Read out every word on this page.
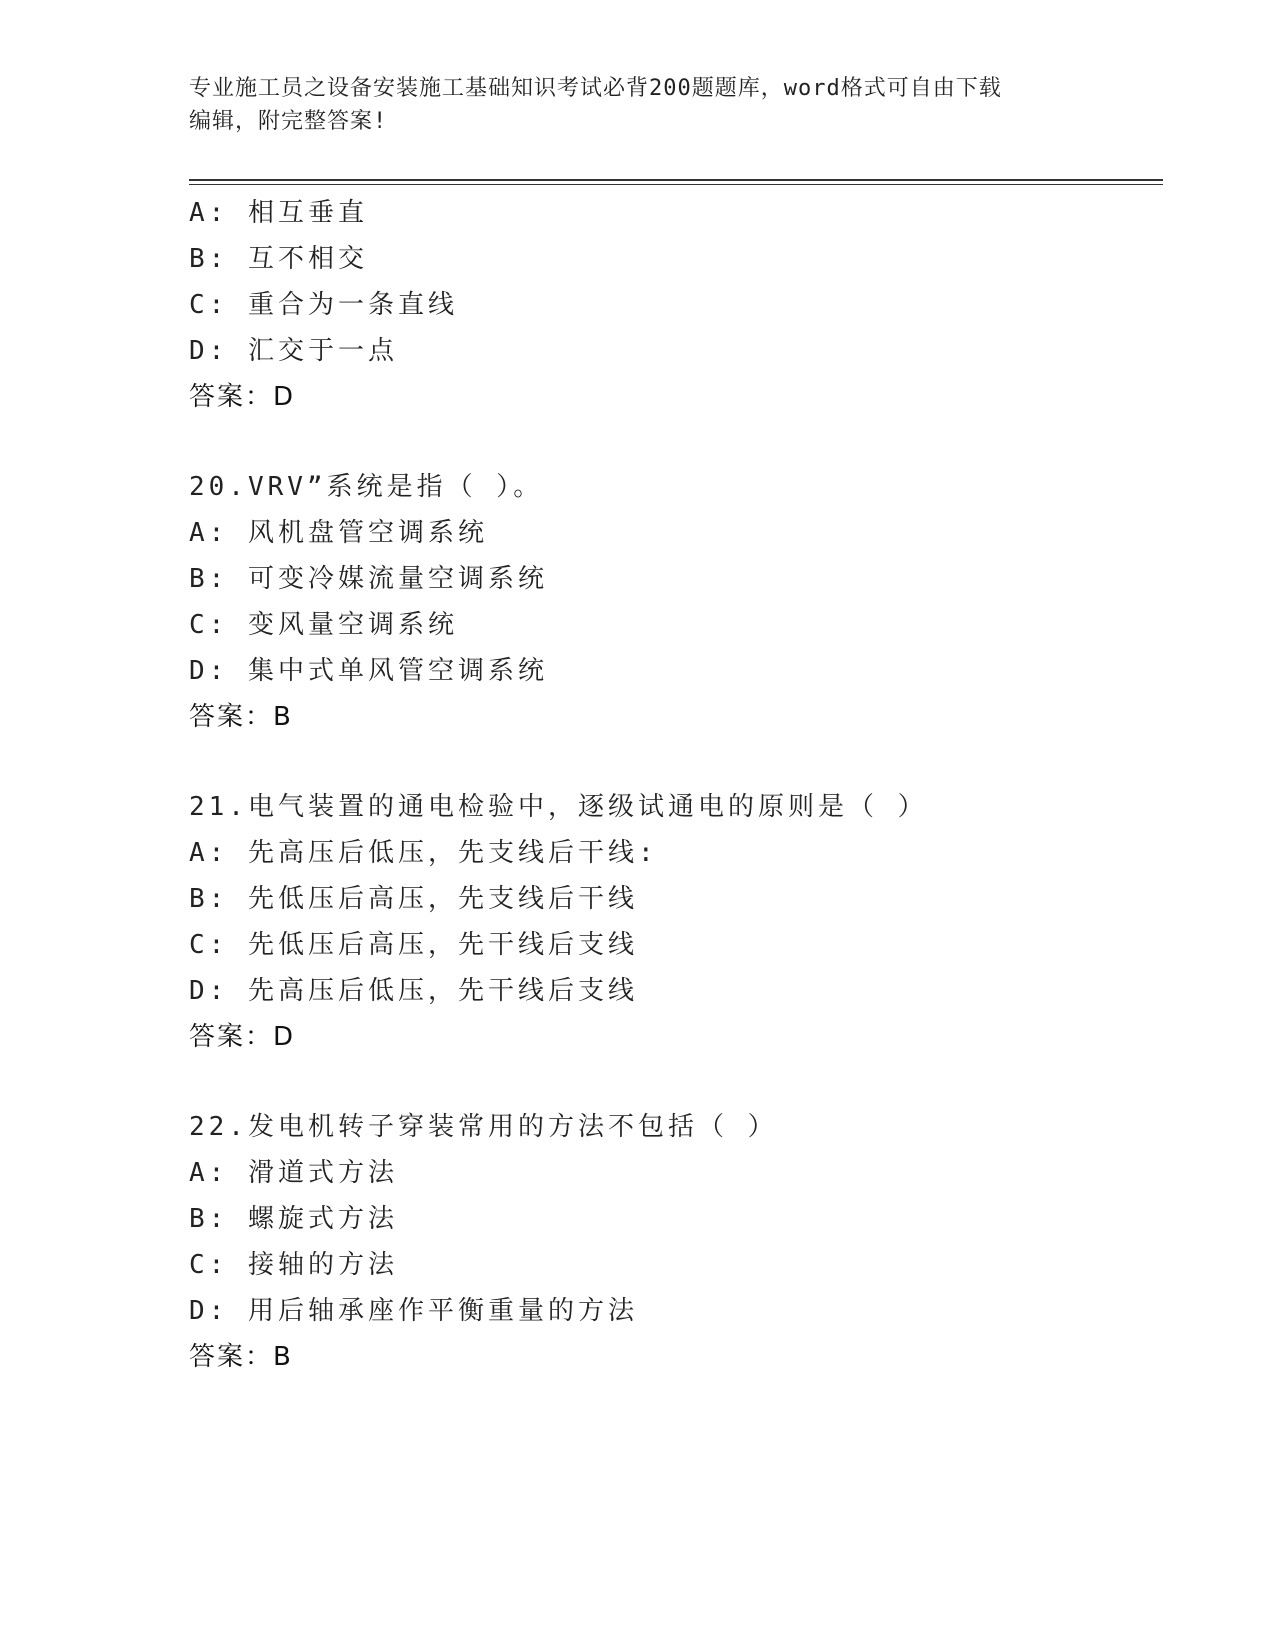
专业施工员之设备安装施工基础知识考试必背200题题库，word格式可自由下载
编辑，附完整答案!
A: 相互垂直
B: 互不相交
C: 重合为一条直线
D: 汇交于一点
答案：D
20.VRV”系统是指（ ）。
A: 风机盘管空调系统
B: 可变冷媒流量空调系统
C: 变风量空调系统
D: 集中式单风管空调系统
答案：B
21.电气装置的通电检验中，逐级试通电的原则是（ ）
A: 先高压后低压，先支线后干线:
B: 先低压后高压，先支线后干线
C: 先低压后高压，先干线后支线
D: 先高压后低压，先干线后支线
答案：D
22.发电机转子穿装常用的方法不包括（ ）
A: 滑道式方法
B: 螺旋式方法
C: 接轴的方法
D: 用后轴承座作平衡重量的方法
答案：B
